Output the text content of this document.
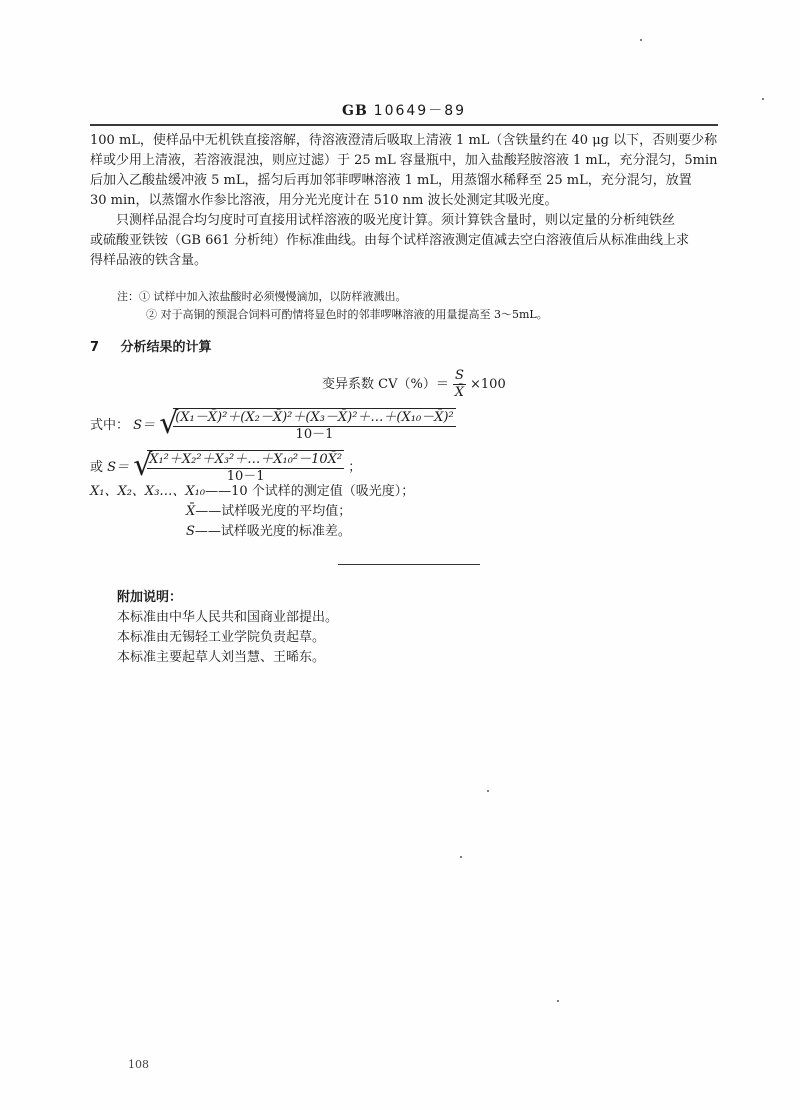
GB 10649－89
100 mL，使样品中无机铁直接溶解，待溶液澄清后吸取上清液 1 mL（含铁量约在 40 μg 以下，否则要少称
样或少用上清液，若溶液混浊，则应过滤）于 25 mL 容量瓶中，加入盐酸羟胺溶液 1 mL，充分混匀，5min
后加入乙酸盐缓冲液 5 mL，摇匀后再加邻菲啰啉溶液 1 mL，用蒸馏水稀释至 25 mL，充分混匀，放置
30 min，以蒸馏水作参比溶液，用分光光度计在 510 nm 波长处测定其吸光度。
只测样品混合均匀度时可直接用试样溶液的吸光度计算。须计算铁含量时，则以定量的分析纯铁丝
或硫酸亚铁铵（GB 661 分析纯）作标准曲线。由每个试样溶液测定值减去空白溶液值后从标准曲线上求
得样品液的铁含量。
注：① 试样中加入浓盐酸时必须慢慢滴加，以防样液溅出。
② 对于高铜的预混合饲料可酌情将显色时的邻菲啰啉溶液的用量提高至 3～5mL。
7 分析结果的计算
变异系数 $CV(\%)= \frac{S}{X̄} \times 100$
式中： S＝ √
$\frac{\text{(X₁－X̄)²＋(X₂－X̄)²＋(X₃－X̄)²＋…＋(X₁₀－X̄)²}}{10-1}$
或 S＝ √
$\frac{\text{X₁²＋X₂²＋X₃²＋…＋X₁₀²－10X̄²}}{10-1}$ ；
X₁、X₂、X₃…、X₁₀——10 个试样的测定值（吸光度）；
X̄——试样吸光度的平均值；
S——试样吸光度的标准差。
附加说明：
本标准由中华人民共和国商业部提出。
本标准由无锡轻工业学院负责起草。
本标准主要起草人刘当慧、王晞东。
108
